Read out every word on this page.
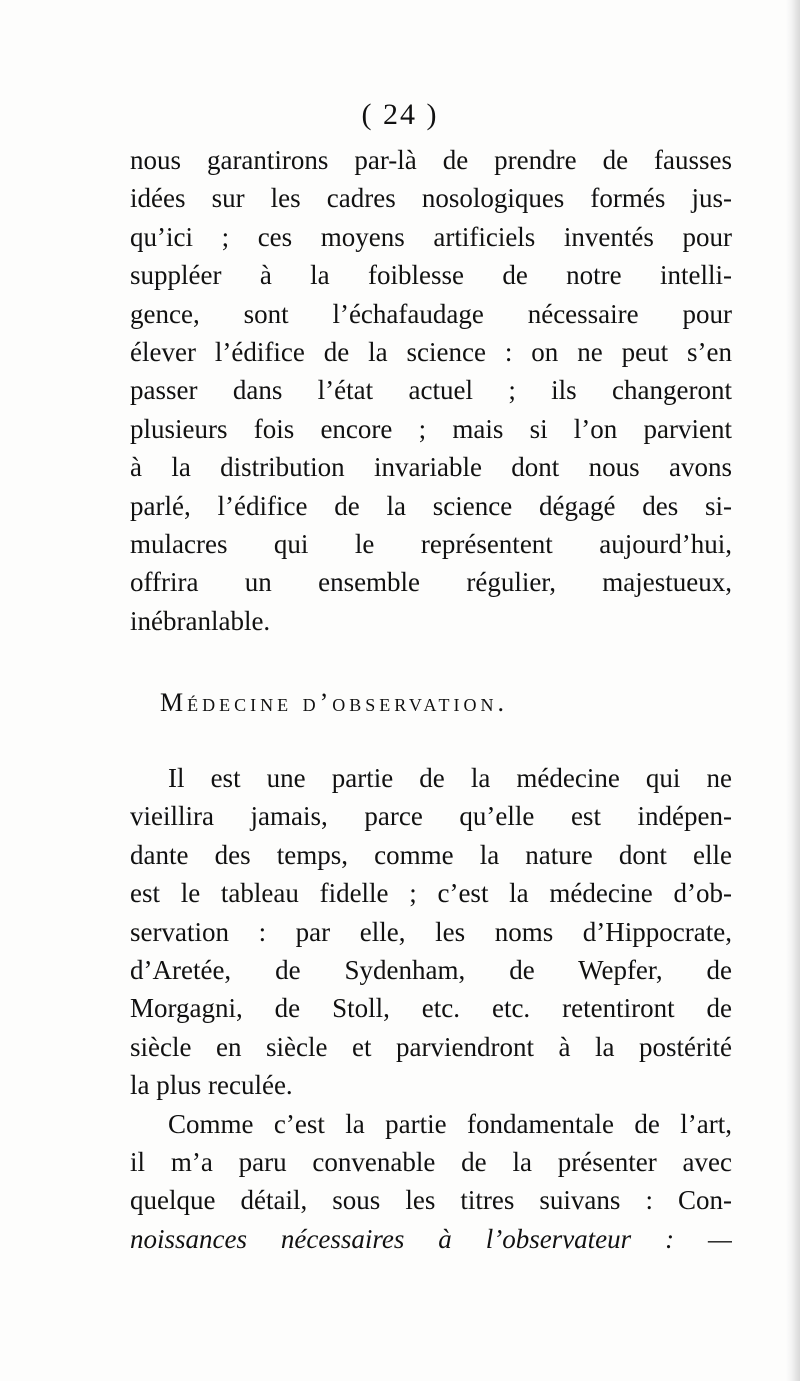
( 24 )
nous garantirons par-là de prendre de fausses
idées sur les cadres nosologiques formés jus-
qu’ici ; ces moyens artificiels inventés pour
suppléer à la foiblesse de notre intelli-
gence, sont l’échafaudage nécessaire pour
élever l’édifice de la science : on ne peut s’en
passer dans l’état actuel ; ils changeront
plusieurs fois encore ; mais si l’on parvient
à la distribution invariable dont nous avons
parlé, l’édifice de la science dégagé des si-
mulacres qui le représentent aujourd’hui,
offrira un ensemble régulier, majestueux,
inébranlable.
Médecine d’observation.
Il est une partie de la médecine qui ne
vieillira jamais, parce qu’elle est indépen-
dante des temps, comme la nature dont elle
est le tableau fidelle ; c’est la médecine d’ob-
servation : par elle, les noms d’Hippocrate,
d’Aretée, de Sydenham, de Wepfer, de
Morgagni, de Stoll, etc. etc. retentiront de
siècle en siècle et parviendront à la postérité
la plus reculée.
Comme c’est la partie fondamentale de l’art,
il m’a paru convenable de la présenter avec
quelque détail, sous les titres suivans : Con-
noissances nécessaires à l’observateur : —
